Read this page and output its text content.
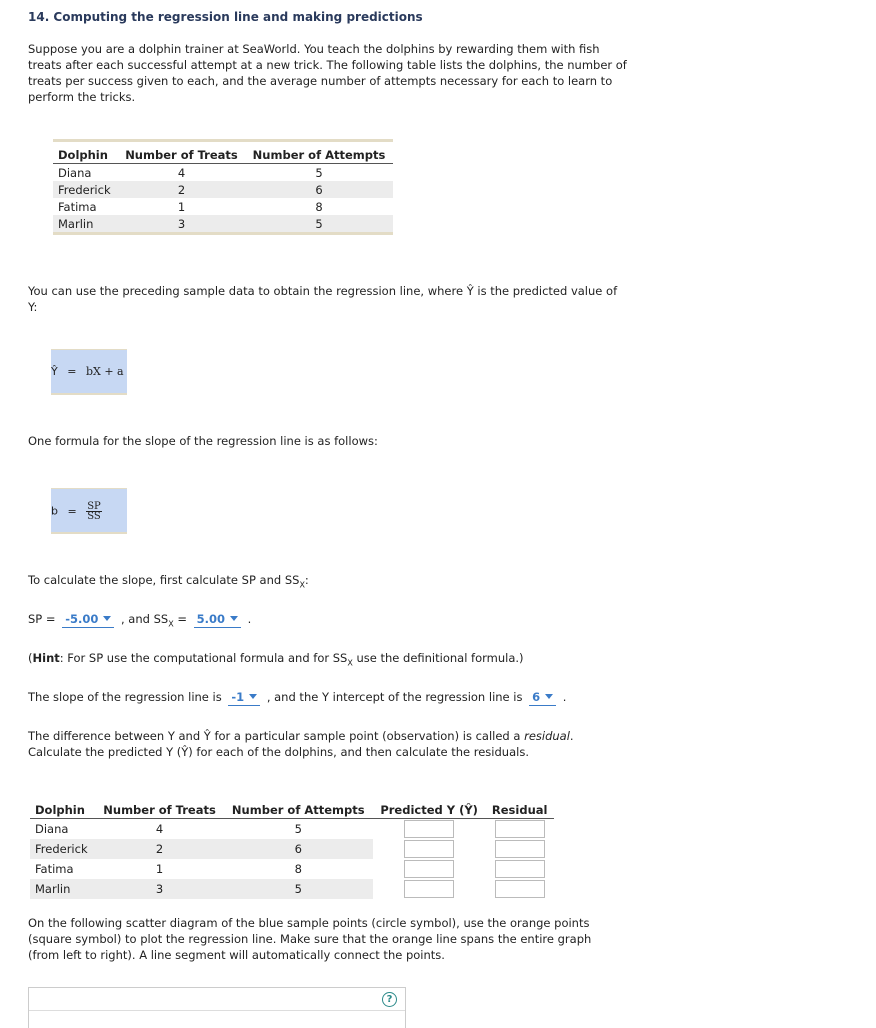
14. Computing the regression line and making predictions
Suppose you are a dolphin trainer at SeaWorld. You teach the dolphins by rewarding them with fish treats after each successful attempt at a new trick. The following table lists the dolphins, the number of treats per success given to each, and the average number of attempts necessary for each to learn to perform the tricks.
Dolphin	Number of Treats	Number of Attempts
Diana	4	5
Frederick	2	6
Fatima	1	8
Marlin	3	5
You can use the preceding sample data to obtain the regression line, where Ŷ is the predicted value of Y:
Ŷ = bX + a
One formula for the slope of the regression line is as follows:
$b = \frac{SP}{SS}$
To calculate the slope, first calculate SP and $SS_X$:
SP = -5.00 , and $SS_X = 5.00$ .
(Hint: For SP use the computational formula and for $SS_X$ use the definitional formula.)
The slope of the regression line is -1 , and the Y intercept of the regression line is 6 .
The difference between Y and Ŷ for a particular sample point (observation) is called a residual.
Calculate the predicted Y (Ŷ) for each of the dolphins, and then calculate the residuals.
Dolphin	Number of Treats	Number of Attempts	Predicted Y (Ŷ)	Residual
Diana	4	5	

Frederick	2	6	

Fatima	1	8	

Marlin	3	5	

On the following scatter diagram of the blue sample points (circle symbol), use the orange points (square symbol) to plot the regression line. Make sure that the orange line spans the entire graph (from left to right). A line segment will automatically connect the points.
?
